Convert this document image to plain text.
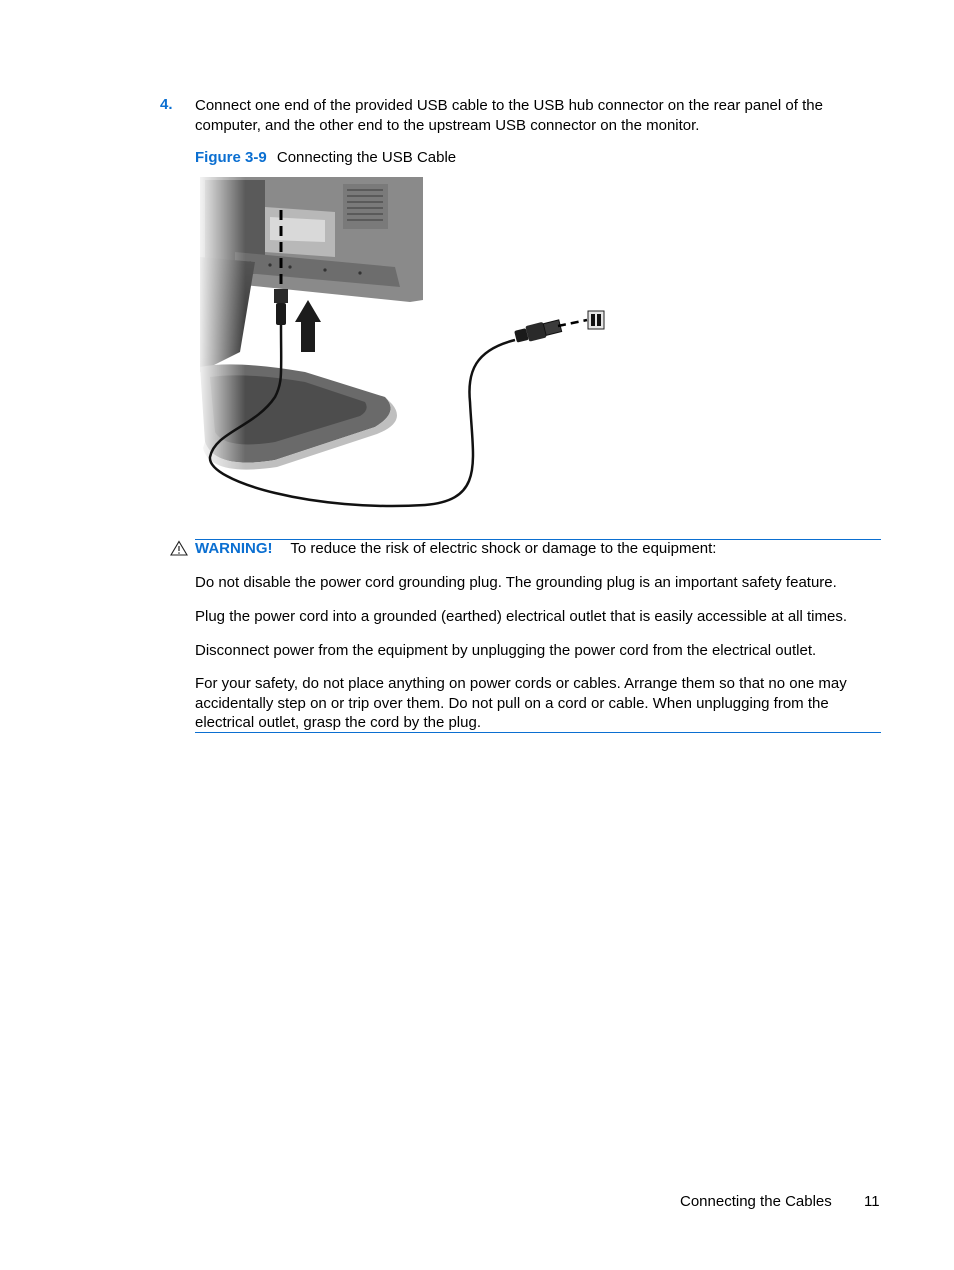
4. Connect one end of the provided USB cable to the USB hub connector on the rear panel of the computer, and the other end to the upstream USB connector on the monitor.
Figure 3-9 Connecting the USB Cable
WARNING! To reduce the risk of electric shock or damage to the equipment:
Do not disable the power cord grounding plug. The grounding plug is an important safety feature.
Plug the power cord into a grounded (earthed) electrical outlet that is easily accessible at all times.
Disconnect power from the equipment by unplugging the power cord from the electrical outlet.
For your safety, do not place anything on power cords or cables. Arrange them so that no one may accidentally step on or trip over them. Do not pull on a cord or cable. When unplugging from the electrical outlet, grasp the cord by the plug.
Connecting the Cables 11
